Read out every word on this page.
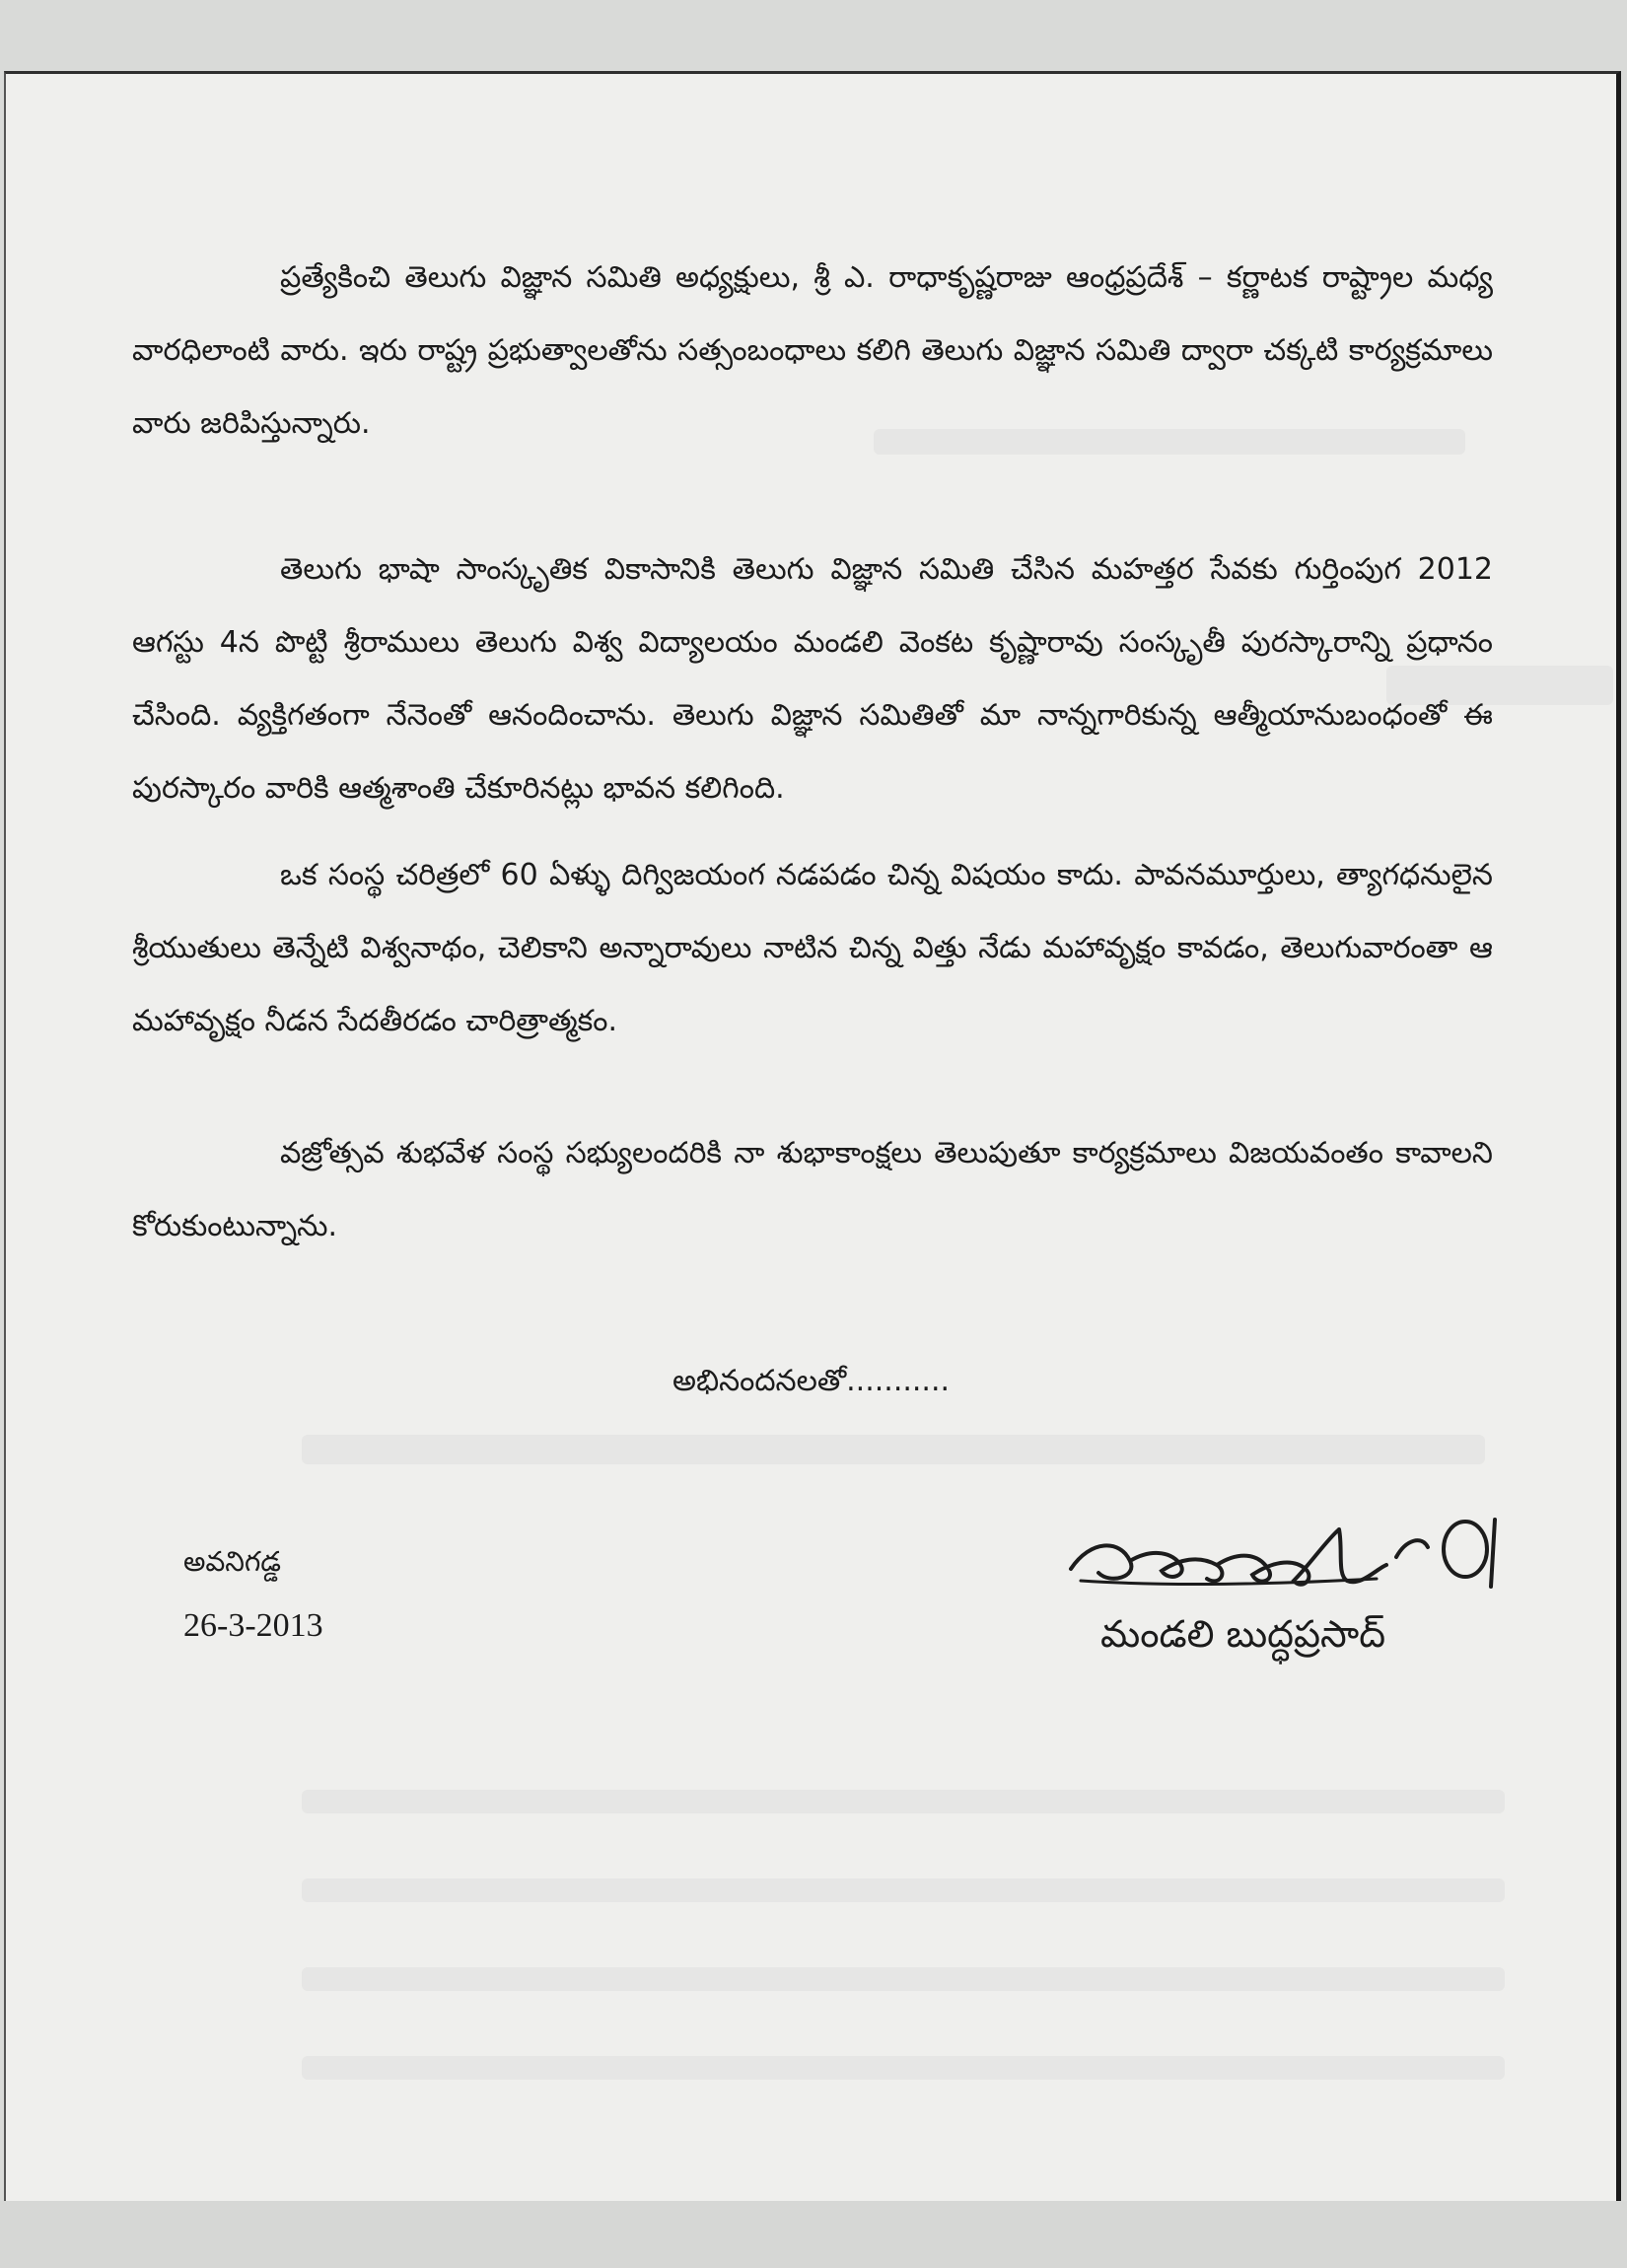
ప్రత్యేకించి తెలుగు విజ్ఞాన సమితి అధ్యక్షులు, శ్రీ ఎ. రాధాకృష్ణరాజు ఆంధ్రప్రదేశ్ – కర్ణాటక రాష్ట్రాల మధ్య వారధిలాంటి వారు. ఇరు రాష్ట్ర ప్రభుత్వాలతోను సత్సంబంధాలు కలిగి తెలుగు విజ్ఞాన సమితి ద్వారా చక్కటి కార్యక్రమాలు వారు జరిపిస్తున్నారు.

తెలుగు భాషా సాంస్కృతిక వికాసానికి తెలుగు విజ్ఞాన సమితి చేసిన మహత్తర సేవకు గుర్తింపుగ 2012 ఆగస్టు 4న పొట్టి శ్రీరాములు తెలుగు విశ్వ విద్యాలయం మండలి వెంకట కృష్ణారావు సంస్కృతీ పురస్కారాన్ని ప్రధానం చేసింది. వ్యక్తిగతంగా నేనెంతో ఆనందించాను. తెలుగు విజ్ఞాన సమితితో మా నాన్నగారికున్న ఆత్మీయానుబంధంతో ఈ పురస్కారం వారికి ఆత్మశాంతి చేకూరినట్లు భావన కలిగింది.

ఒక సంస్థ చరిత్రలో 60 ఏళ్ళు దిగ్విజయంగ నడపడం చిన్న విషయం కాదు. పావనమూర్తులు, త్యాగధనులైన శ్రీయుతులు తెన్నేటి విశ్వనాథం, చెలికాని అన్నారావులు నాటిన చిన్న విత్తు నేడు మహావృక్షం కావడం, తెలుగువారంతా ఆ మహావృక్షం నీడన సేదతీరడం చారిత్రాత్మకం.

వజ్రోత్సవ శుభవేళ సంస్థ సభ్యులందరికి నా శుభాకాంక్షలు తెలుపుతూ కార్యక్రమాలు విజయవంతం కావాలని కోరుకుంటున్నాను.

అభినందనలతో...........

అవనిగడ్డ

26-3-2013	మండలి బుద్ధప్రసాద్
